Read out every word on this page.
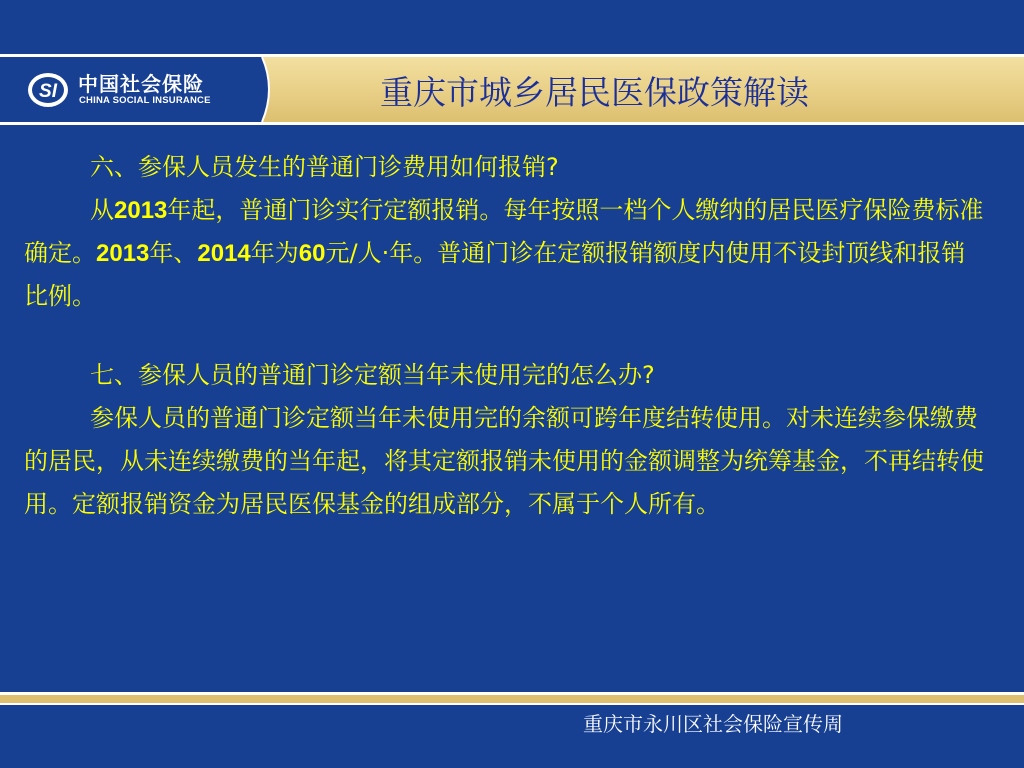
SI 中国社会保险
CHINA SOCIAL INSURANCE	重庆市城乡居民医保政策解读

六、参保人员发生的普通门诊费用如何报销?

从2013年起，普通门诊实行定额报销。每年按照一档个人缴纳的居民医疗保险费标准确定。2013年、2014年为60元/人·年。普通门诊在定额报销额度内使用不设封顶线和报销比例。

七、参保人员的普通门诊定额当年未使用完的怎么办?

参保人员的普通门诊定额当年未使用完的余额可跨年度结转使用。对未连续参保缴费的居民，从未连续缴费的当年起，将其定额报销未使用的金额调整为统筹基金，不再结转使用。定额报销资金为居民医保基金的组成部分，不属于个人所有。

重庆市永川区社会保险宣传周
